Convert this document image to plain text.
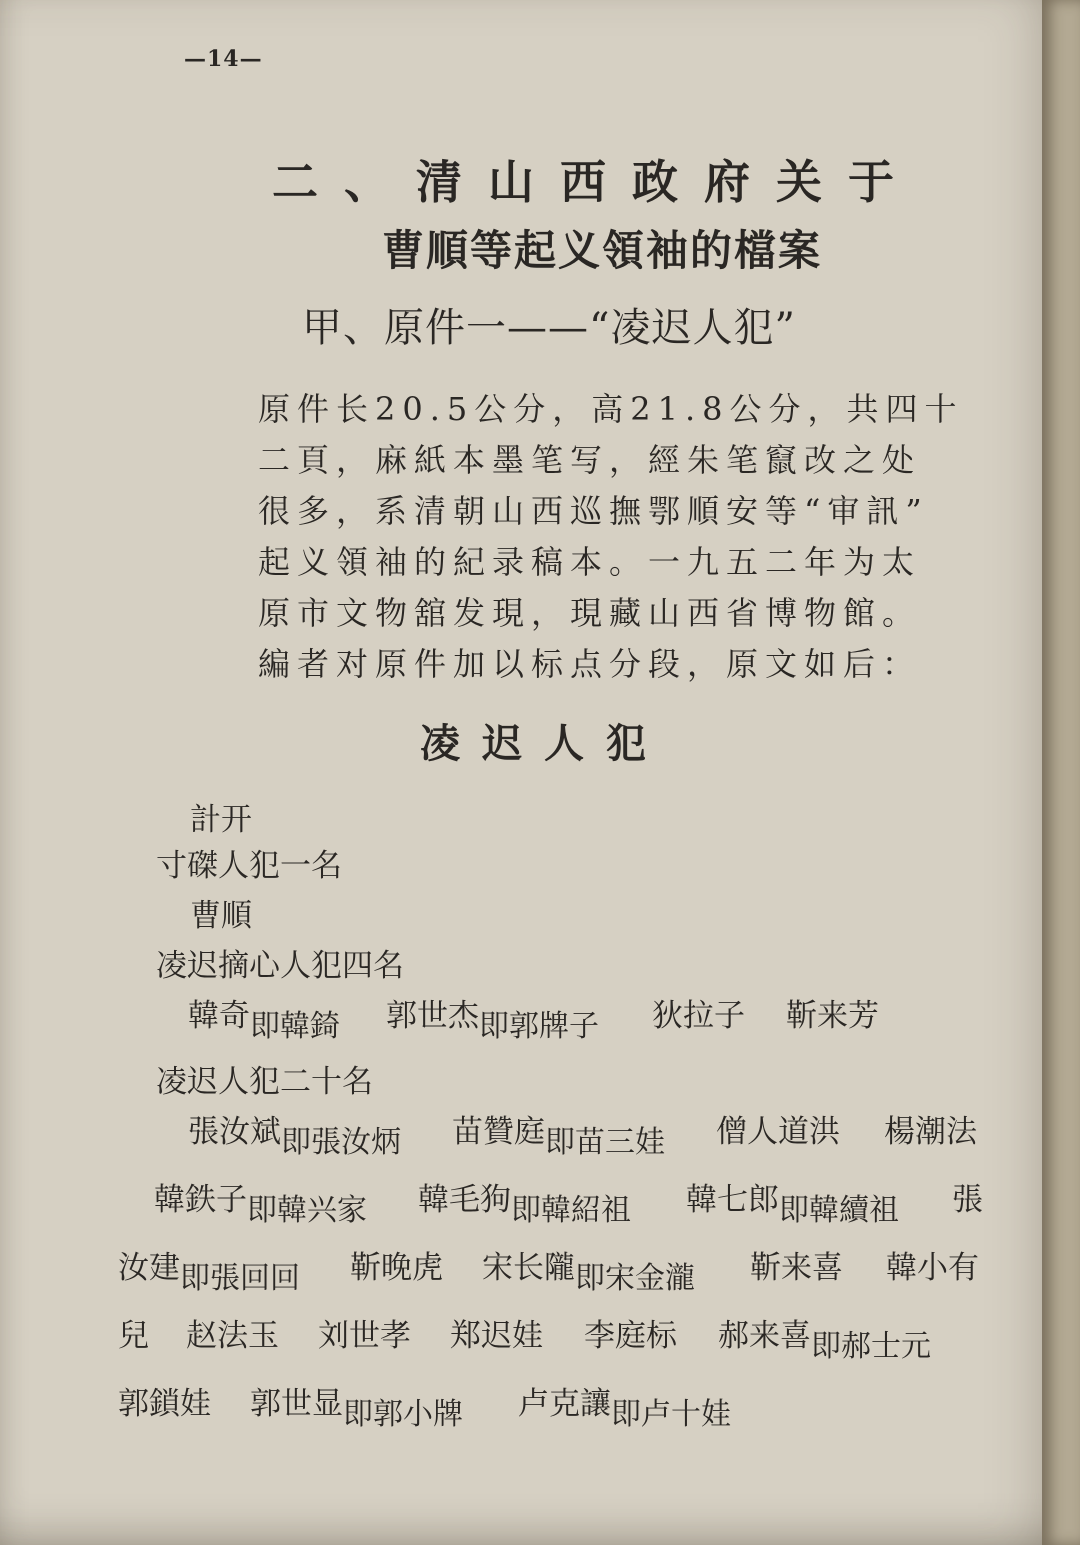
—14—
二、清山西政府关于
曹順等起义領袖的檔案
甲、原件一——“凌迟人犯”
原件长20.5公分，高21.8公分，共四十
二頁，麻紙本墨笔写，經朱笔竄改之处
很多，系清朝山西巡撫鄂順安等“审訊”
起义領袖的紀录稿本。一九五二年为太
原市文物舘发現，現藏山西省博物館。
編者对原件加以标点分段，原文如后：
凌迟人犯
計开
寸磔人犯一名
曹順
凌迟摘心人犯四名
韓奇即韓錡 郭世杰即郭牌子 狄拉子 靳来芳
凌迟人犯二十名
張汝斌即張汝炳 苗贊庭即苗三娃 僧人道洪 楊潮法
韓鉄子即韓兴家 韓毛狗即韓紹祖 韓七郎即韓續祖 張
汝建即張回回 靳晚虎 宋长隴即宋金瀧 靳来喜 韓小有
兒 赵法玉 刘世孝 郑迟娃 李庭标 郝来喜即郝士元
郭鎖娃 郭世显即郭小牌 卢克讓即卢十娃
